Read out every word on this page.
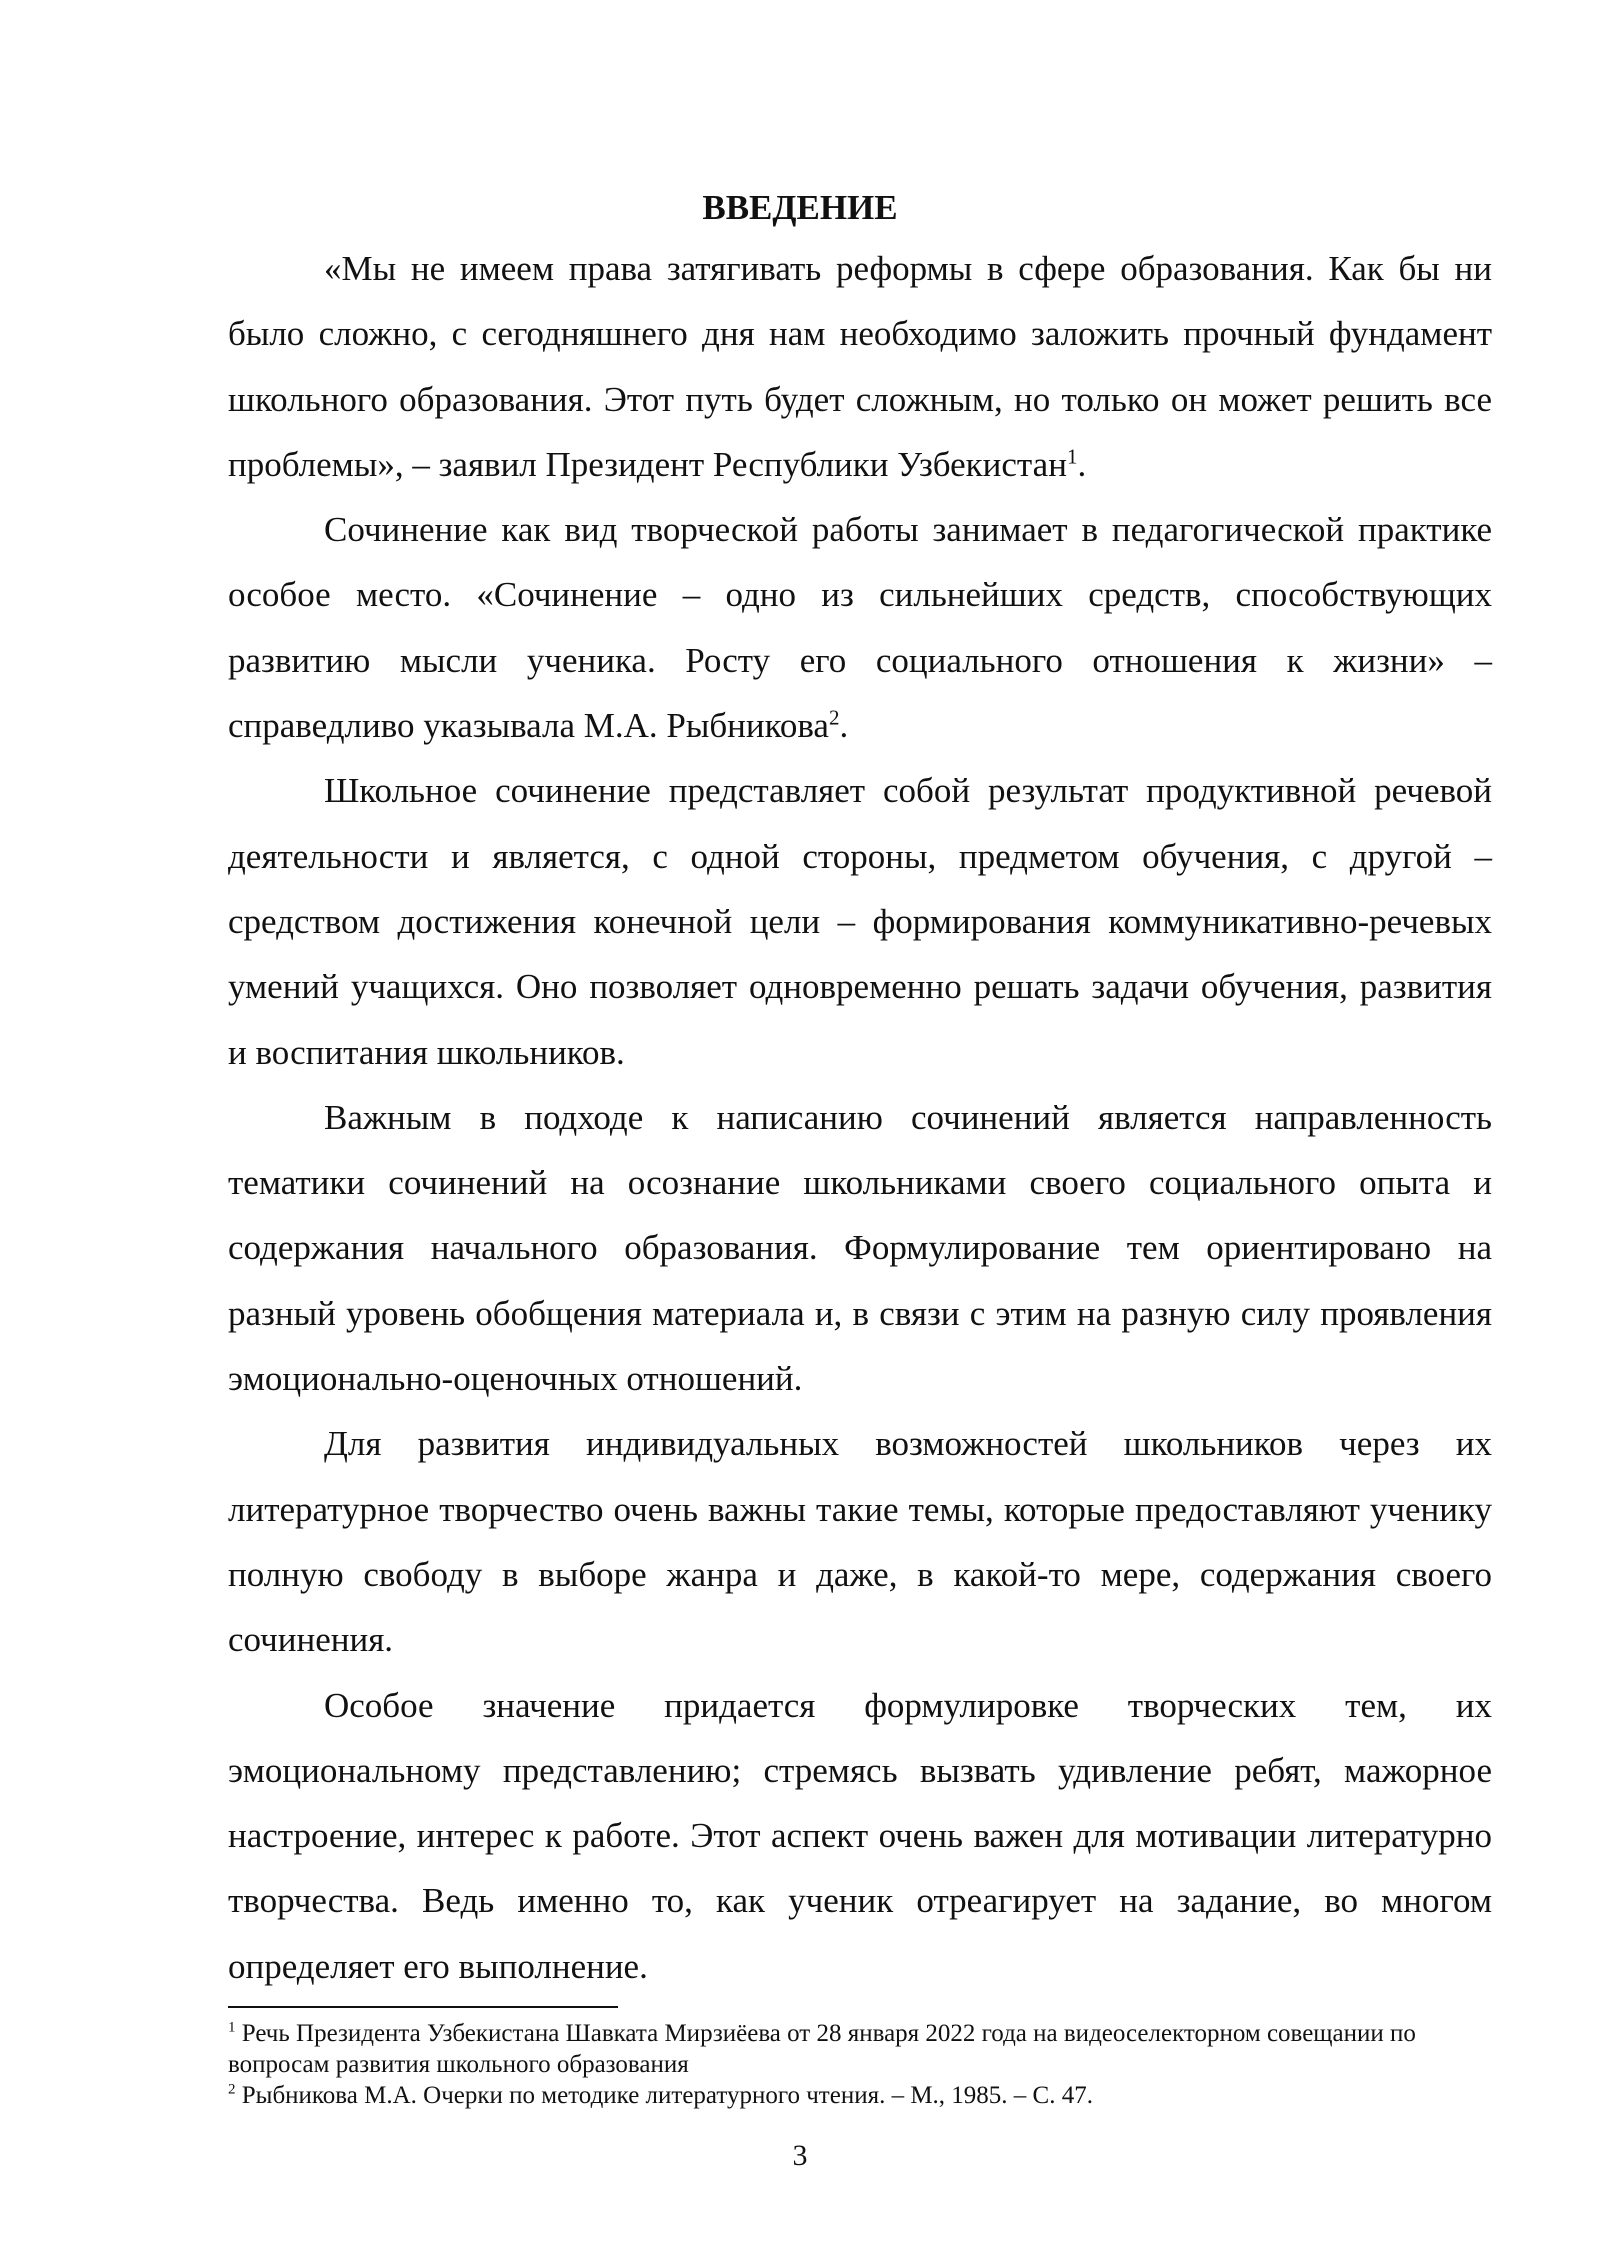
ВВЕДЕНИЕ

«Мы не имеем права затягивать реформы в сфере образования. Как бы ни было сложно, с сегодняшнего дня нам необходимо заложить прочный фундамент школьного образования. Этот путь будет сложным, но только он может решить все проблемы», – заявил Президент Республики Узбекистан$^1$.

Сочинение как вид творческой работы занимает в педагогической практике особое место. «Сочинение – одно из сильнейших средств, способствующих развитию мысли ученика. Росту его социального отношения к жизни» – справедливо указывала М.А. Рыбникова$^2$.

Школьное сочинение представляет собой результат продуктивной речевой деятельности и является, с одной стороны, предметом обучения, с другой – средством достижения конечной цели – формирования коммуникативно-речевых умений учащихся. Оно позволяет одновременно решать задачи обучения, развития и воспитания школьников.

Важным в подходе к написанию сочинений является направленность тематики сочинений на осознание школьниками своего социального опыта и содержания начального образования. Формулирование тем ориентировано на разный уровень обобщения материала и, в связи с этим на разную силу проявления эмоционально-оценочных отношений.

Для развития индивидуальных возможностей школьников через их литературное творчество очень важны такие темы, которые предоставляют ученику полную свободу в выборе жанра и даже, в какой-то мере, содержания своего сочинения.

Особое значение придается формулировке творческих тем, их эмоциональному представлению; стремясь вызвать удивление ребят, мажорное настроение, интерес к работе. Этот аспект очень важен для мотивации литературно творчества. Ведь именно то, как ученик отреагирует на задание, во многом определяет его выполнение.

$^1$ Речь Президента Узбекистана Шавката Мирзиёева от 28 января 2022 года на видеоселекторном совещании по вопросам развития школьного образования

$^2$ Рыбникова М.А. Очерки по методике литературного чтения. – М., 1985. – С. 47.

3
